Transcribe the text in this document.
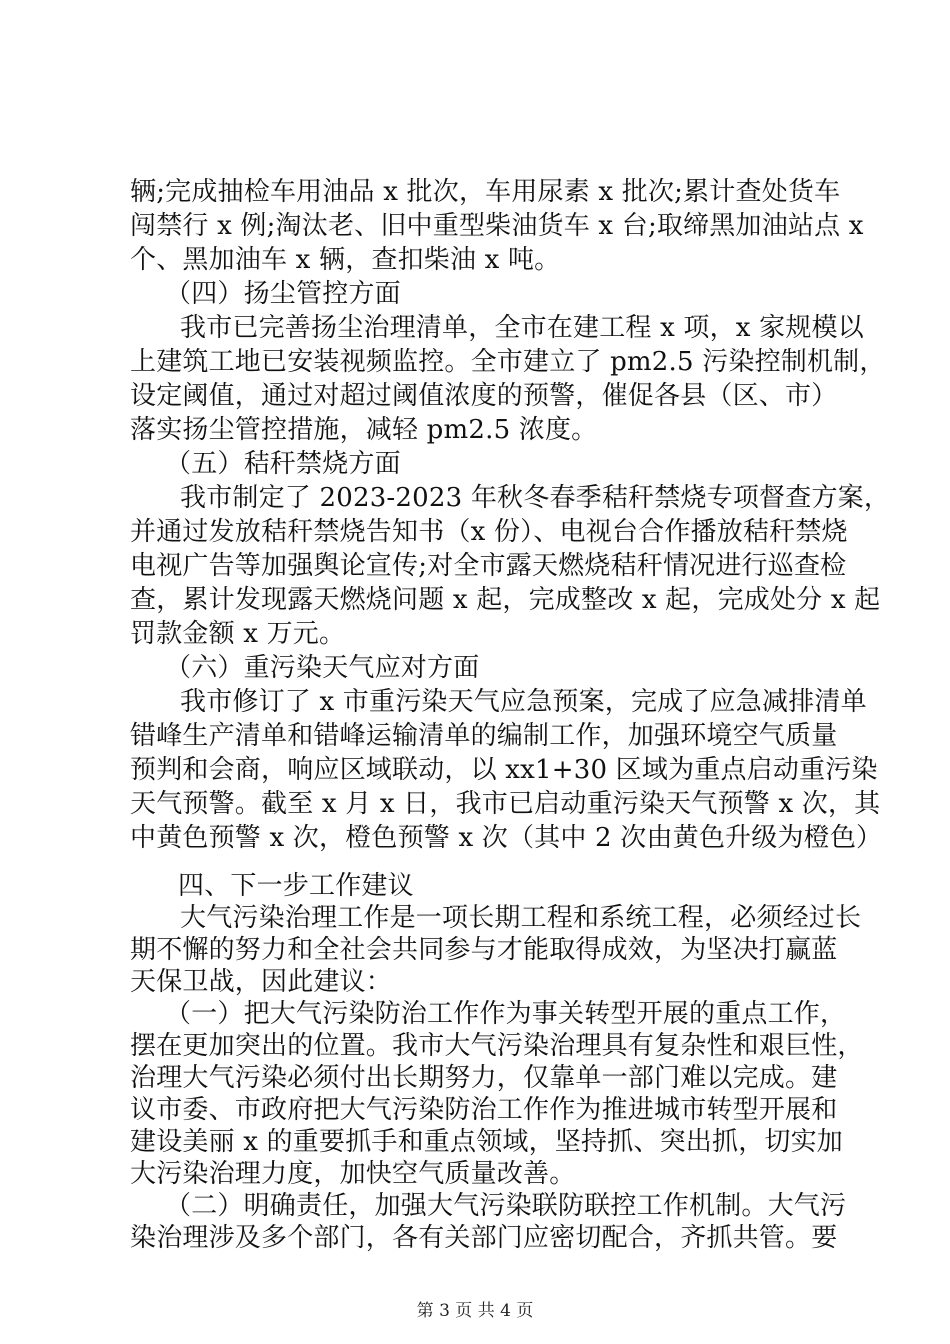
辆;完成抽检车用油品 x 批次，车用尿素 x 批次;累计查处货车
闯禁行 x 例;淘汰老、旧中重型柴油货车 x 台;取缔黑加油站点 x
个、黑加油车 x 辆，查扣柴油 x 吨。
（四）扬尘管控方面
我市已完善扬尘治理清单，全市在建工程 x 项，x 家规模以
上建筑工地已安装视频监控。全市建立了 pm2.5 污染控制机制，
设定阈值，通过对超过阈值浓度的预警，催促各县（区、市）
落实扬尘管控措施，减轻 pm2.5 浓度。
（五）秸秆禁烧方面
我市制定了 2023-2023 年秋冬春季秸秆禁烧专项督查方案，
并通过发放秸秆禁烧告知书（x 份）、电视台合作播放秸秆禁烧
电视广告等加强舆论宣传;对全市露天燃烧秸秆情况进行巡查检
查，累计发现露天燃烧问题 x 起，完成整改 x 起，完成处分 x 起
罚款金额 x 万元。
（六）重污染天气应对方面
我市修订了 x 市重污染天气应急预案，完成了应急减排清单
错峰生产清单和错峰运输清单的编制工作，加强环境空气质量
预判和会商，响应区域联动，以 xx1+30 区域为重点启动重污染
天气预警。截至 x 月 x 日，我市已启动重污染天气预警 x 次，其
中黄色预警 x 次，橙色预警 x 次（其中 2 次由黄色升级为橙色）
四、下一步工作建议
大气污染治理工作是一项长期工程和系统工程，必须经过长
期不懈的努力和全社会共同参与才能取得成效，为坚决打赢蓝
天保卫战，因此建议：
（一）把大气污染防治工作作为事关转型开展的重点工作，
摆在更加突出的位置。我市大气污染治理具有复杂性和艰巨性，
治理大气污染必须付出长期努力，仅靠单一部门难以完成。建
议市委、市政府把大气污染防治工作作为推进城市转型开展和
建设美丽 x 的重要抓手和重点领域，坚持抓、突出抓，切实加
大污染治理力度，加快空气质量改善。
（二）明确责任，加强大气污染联防联控工作机制。大气污
染治理涉及多个部门，各有关部门应密切配合，齐抓共管。要
第 3 页 共 4 页
